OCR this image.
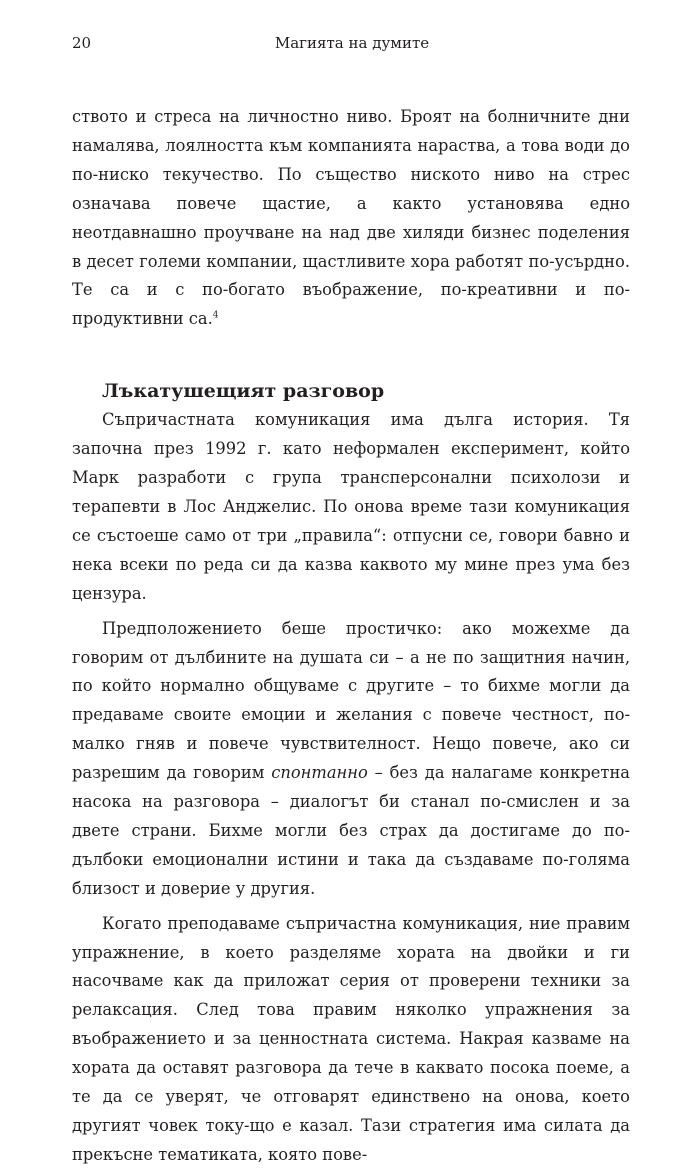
20	Магията на думите

ството и стреса на личностно ниво. Броят на болничните дни намалява, лоялността към компанията нараства, а това води до по-ниско текучество. По същество ниското ниво на стрес означава повече щастие, а както установява едно неотдавнашно проучване на над две хиляди бизнес поделения в десет големи компании, щастливите хора работят по-усърдно. Те са и с по-богато въображение, по-креативни и по-продуктивни са.$^4$

Лъкатушещият разговор

Съпричастната комуникация има дълга история. Тя започна през 1992 г. като неформален експеримент, който Марк разработи с група трансперсонални психолози и терапевти в Лос Анджелис. По онова време тази комуникация се състоеше само от три „правила“: отпусни се, говори бавно и нека всеки по реда си да казва каквото му мине през ума без цензура.

Предположението беше простичко: ако можехме да говорим от дълбините на душата си – а не по защитния начин, по който нормално общуваме с другите – то бихме могли да предаваме своите емоции и желания с повече честност, по-малко гняв и повече чувствителност. Нещо повече, ако си разрешим да говорим спонтанно – без да налагаме конкретна насока на разговора – диалогът би станал по-смислен и за двете страни. Бихме могли без страх да достигаме до по-дълбоки емоционални истини и така да създаваме по-голяма близост и доверие у другия.

Когато преподаваме съпричастна комуникация, ние правим упражнение, в което разделяме хората на двойки и ги насочваме как да приложат серия от проверени техники за релаксация. След това правим няколко упражнения за въображението и за ценностната система. Накрая казваме на хората да оставят разговора да тече в каквато посока поеме, а те да се уверят, че отговарят единствено на онова, което другият човек току-що е казал. Тази стратегия има силата да прекъсне тематиката, която пове-
